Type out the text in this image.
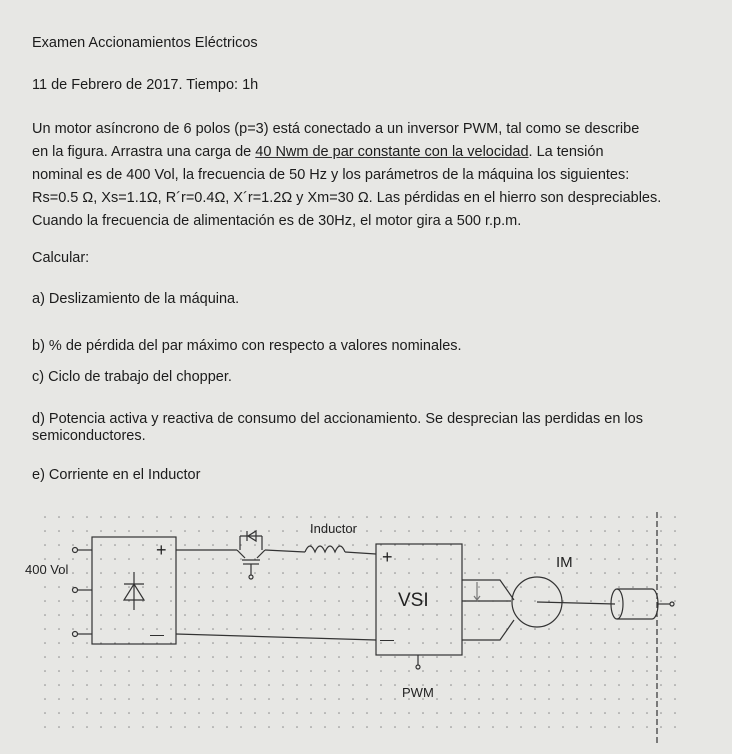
Examen Accionamientos Eléctricos
11 de Febrero de 2017. Tiempo: 1h
Un motor asíncrono de 6 polos (p=3) está conectado a un inversor PWM, tal como se describe
en la figura. Arrastra una carga de 40 Nwm de par constante con la velocidad. La tensión
nominal es de 400 Vol, la frecuencia de 50 Hz y los parámetros de la máquina los siguientes:
Rs=0.5 Ω, Xs=1.1Ω, R´r=0.4Ω, X´r=1.2Ω y Xm=30 Ω. Las pérdidas en el hierro son despreciables.
Cuando la frecuencia de alimentación es de 30Hz, el motor gira a 500 r.p.m.
Calcular:
a) Deslizamiento de la máquina.
b) % de pérdida del par máximo con respecto a valores nominales.
c) Ciclo de trabajo del chopper.
d) Potencia activa y reactiva de consumo del accionamiento. Se desprecian las perdidas en los
semiconductores.
e) Corriente en el Inductor
400 Vol
+
—
Inductor
+
—
VSI
IM
PWM
